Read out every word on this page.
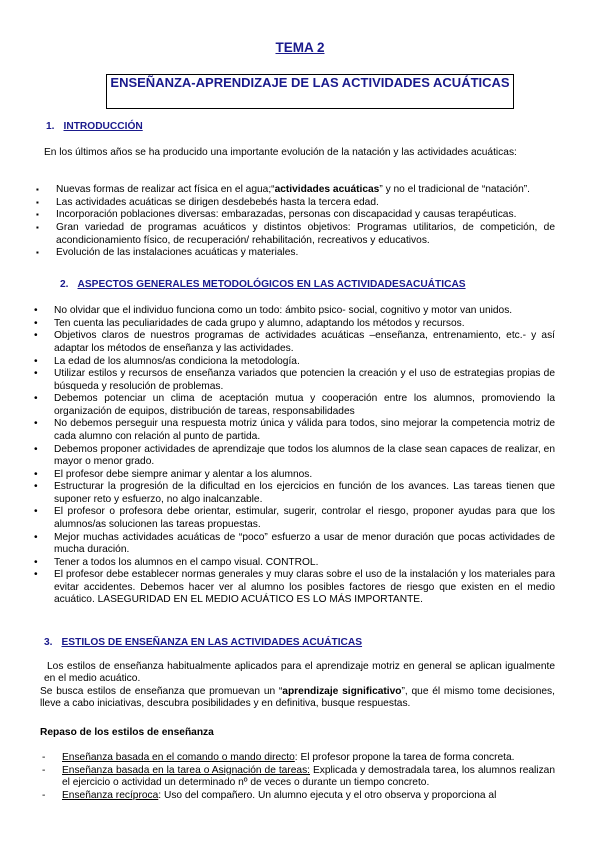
TEMA 2
ENSEÑANZA-APRENDIZAJE DE LAS ACTIVIDADES ACUÁTICAS
1. INTRODUCCIÓN
En los últimos años se ha producido una importante evolución de la natación y las actividades acuáticas:
▪ Nuevas formas de realizar act física en el agua;“actividades acuáticas” y no el tradicional de “natación”.
▪ Las actividades acuáticas se dirigen desdebebés hasta la tercera edad.
▪ Incorporación poblaciones diversas: embarazadas, personas con discapacidad y causas terapéuticas.
▪ Gran variedad de programas acuáticos y distintos objetivos: Programas utilitarios, de competición, de acondicionamiento físico, de recuperación/ rehabilitación, recreativos y educativos.
▪ Evolución de las instalaciones acuáticas y materiales.
2. ASPECTOS GENERALES METODOLÓGICOS EN LAS ACTIVIDADESACUÁTICAS
• No olvidar que el individuo funciona como un todo: ámbito psico- social, cognitivo y motor van unidos.
• Ten cuenta las peculiaridades de cada grupo y alumno, adaptando los métodos y recursos.
• Objetivos claros de nuestros programas de actividades acuáticas –enseñanza, entrenamiento, etc.- y así adaptar los métodos de enseñanza y las actividades.
• La edad de los alumnos/as condiciona la metodología.
• Utilizar estilos y recursos de enseñanza variados que potencien la creación y el uso de estrategias propias de búsqueda y resolución de problemas.
• Debemos potenciar un clima de aceptación mutua y cooperación entre los alumnos, promoviendo la organización de equipos, distribución de tareas, responsabilidades
• No debemos perseguir una respuesta motriz única y válida para todos, sino mejorar la competencia motriz de cada alumno con relación al punto de partida.
• Debemos proponer actividades de aprendizaje que todos los alumnos de la clase sean capaces de realizar, en mayor o menor grado.
• El profesor debe siempre animar y alentar a los alumnos.
• Estructurar la progresión de la dificultad en los ejercicios en función de los avances. Las tareas tienen que suponer reto y esfuerzo, no algo inalcanzable.
• El profesor o profesora debe orientar, estimular, sugerir, controlar el riesgo, proponer ayudas para que los alumnos/as solucionen las tareas propuestas.
• Mejor muchas actividades acuáticas de “poco” esfuerzo a usar de menor duración que pocas actividades de mucha duración.
• Tener a todos los alumnos en el campo visual. CONTROL.
• El profesor debe establecer normas generales y muy claras sobre el uso de la instalación y los materiales para evitar accidentes. Debemos hacer ver al alumno los posibles factores de riesgo que existen en el medio acuático. LASEGURIDAD EN EL MEDIO ACUÁTICO ES LO MÁS IMPORTANTE.
3. ESTILOS DE ENSEÑANZA EN LAS ACTIVIDADES ACUÁTICAS
Los estilos de enseñanza habitualmente aplicados para el aprendizaje motriz en general se aplican igualmente en el medio acuático.
Se busca estilos de enseñanza que promuevan un “aprendizaje significativo”, que él mismo tome decisiones, lleve a cabo iniciativas, descubra posibilidades y en definitiva, busque respuestas.
Repaso de los estilos de enseñanza
- Enseñanza basada en el comando o mando directo: El profesor propone la tarea de forma concreta.
- Enseñanza basada en la tarea o Asignación de tareas: Explicada y demostradala tarea, los alumnos realizan el ejercicio o actividad un determinado nº de veces o durante un tiempo concreto.
- Enseñanza recíproca: Uso del compañero. Un alumno ejecuta y el otro observa y proporciona al
